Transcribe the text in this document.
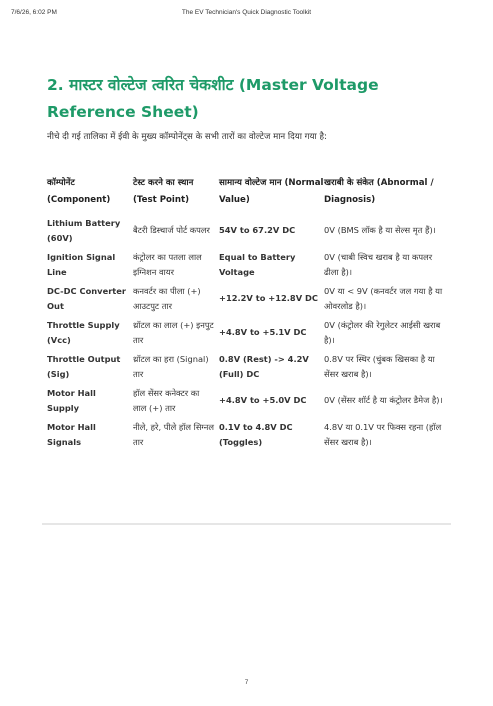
7/6/26, 6:02 PM	The EV Technician's Quick Diagnostic Toolkit
2. मास्टर वोल्टेज त्वरित चेकशीट (Master Voltage Reference Sheet)

नीचे दी गई तालिका में ईवी के मुख्य कॉम्पोनेंट्स के सभी तारों का वोल्टेज मान दिया गया है:

कॉम्पोनेंट (Component)	टेस्ट करने का स्थान (Test Point)	सामान्य वोल्टेज मान (Normal Value)	खराबी के संकेत (Abnormal / Diagnosis)
Lithium Battery (60V)	बैटरी डिस्चार्ज पोर्ट कपलर	54V to 67.2V DC	0V (BMS लॉक है या सेल्स मृत हैं)।
Ignition Signal Line	कंट्रोलर का पतला लाल इग्निशन वायर	Equal to Battery Voltage	0V (चाबी स्विच खराब है या कपलर ढीला है)।
DC-DC Converter Out	कनवर्टर का पीला (+) आउटपुट तार	+12.2V to +12.8V DC	0V या < 9V (कनवर्टर जल गया है या ओवरलोड है)।
Throttle Supply (Vcc)	थ्रॉटल का लाल (+) इनपुट तार	+4.8V to +5.1V DC	0V (कंट्रोलर की रेगुलेटर आईसी खराब है)।
Throttle Output (Sig)	थ्रॉटल का हरा (Signal) तार	0.8V (Rest) -> 4.2V (Full) DC	0.8V पर स्थिर (चुंबक खिसका है या सेंसर खराब है)।
Motor Hall Supply	हॉल सेंसर कनेक्टर का लाल (+) तार	+4.8V to +5.0V DC	0V (सेंसर शॉर्ट है या कंट्रोलर डैमेज है)।
Motor Hall Signals	नीले, हरे, पीले हॉल सिग्नल तार	0.1V to 4.8V DC (Toggles)	4.8V या 0.1V पर फिक्स रहना (हॉल सेंसर खराब है)।
7
